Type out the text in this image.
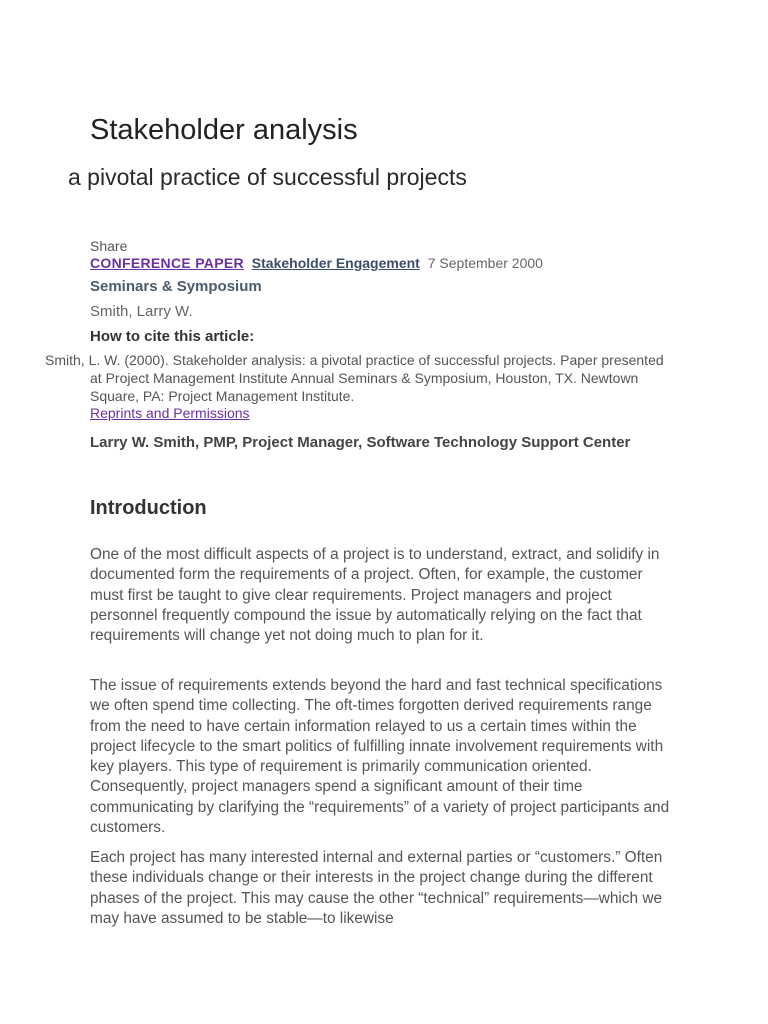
Stakeholder analysis
a pivotal practice of successful projects
Share
CONFERENCE PAPER Stakeholder Engagement 7 September 2000
Seminars & Symposium
Smith, Larry W.
How to cite this article:
Smith, L. W. (2000). Stakeholder analysis: a pivotal practice of successful projects. Paper presented at Project Management Institute Annual Seminars & Symposium, Houston, TX. Newtown Square, PA: Project Management Institute.
Reprints and Permissions
Larry W. Smith, PMP, Project Manager, Software Technology Support Center
Introduction

One of the most difficult aspects of a project is to understand, extract, and solidify in documented form the requirements of a project. Often, for example, the customer must first be taught to give clear requirements. Project managers and project personnel frequently compound the issue by automatically relying on the fact that requirements will change yet not doing much to plan for it.

The issue of requirements extends beyond the hard and fast technical specifications we often spend time collecting. The oft-times forgotten derived requirements range from the need to have certain information relayed to us a certain times within the project lifecycle to the smart politics of fulfilling innate involvement requirements with key players. This type of requirement is primarily communication oriented. Consequently, project managers spend a significant amount of their time communicating by clarifying the “requirements” of a variety of project participants and customers.

Each project has many interested internal and external parties or “customers.” Often these individuals change or their interests in the project change during the different phases of the project. This may cause the other “technical” requirements—which we may have assumed to be stable—to likewise
